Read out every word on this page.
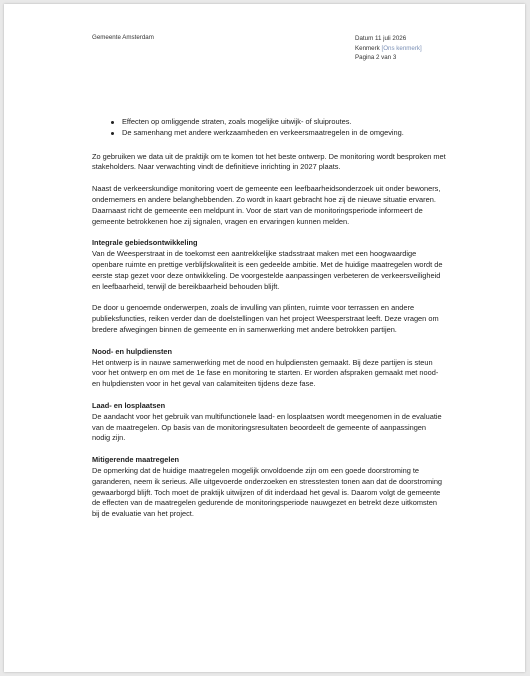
Gemeente Amsterdam	Datum 11 juli 2026
Kenmerk [Ons kenmerk]
Pagina 2 van 3
Effecten op omliggende straten, zoals mogelijke uitwijk- of sluiproutes.
De samenhang met andere werkzaamheden en verkeersmaatregelen in de omgeving.

Zo gebruiken we data uit de praktijk om te komen tot het beste ontwerp. De monitoring wordt besproken met stakeholders. Naar verwachting vindt de definitieve inrichting in 2027 plaats.

Naast de verkeerskundige monitoring voert de gemeente een leefbaarheidsonderzoek uit onder bewoners, ondernemers en andere belanghebbenden. Zo wordt in kaart gebracht hoe zij de nieuwe situatie ervaren. Daarnaast richt de gemeente een meldpunt in. Voor de start van de monitoringsperiode informeert de gemeente betrokkenen hoe zij signalen, vragen en ervaringen kunnen melden.

Integrale gebiedsontwikkeling

Van de Weesperstraat in de toekomst een aantrekkelijke stadsstraat maken met een hoogwaardige openbare ruimte en prettige verblijfskwaliteit is een gedeelde ambitie. Met de huidige maatregelen wordt de eerste stap gezet voor deze ontwikkeling. De voorgestelde aanpassingen verbeteren de verkeersveiligheid en leefbaarheid, terwijl de bereikbaarheid behouden blijft.

De door u genoemde onderwerpen, zoals de invulling van plinten, ruimte voor terrassen en andere publieksfuncties, reiken verder dan de doelstellingen van het project Weesperstraat leeft. Deze vragen om bredere afwegingen binnen de gemeente en in samenwerking met andere betrokken partijen.

Nood- en hulpdiensten

Het ontwerp is in nauwe samenwerking met de nood en hulpdiensten gemaakt. Bij deze partijen is steun voor het ontwerp en om met de 1e fase en monitoring te starten. Er worden afspraken gemaakt met nood- en hulpdiensten voor in het geval van calamiteiten tijdens deze fase.

Laad- en losplaatsen

De aandacht voor het gebruik van multifunctionele laad- en losplaatsen wordt meegenomen in de evaluatie van de maatregelen. Op basis van de monitoringsresultaten beoordeelt de gemeente of aanpassingen nodig zijn.

Mitigerende maatregelen

De opmerking dat de huidige maatregelen mogelijk onvoldoende zijn om een goede doorstroming te garanderen, neem ik serieus. Alle uitgevoerde onderzoeken en stresstesten tonen aan dat de doorstroming gewaarborgd blijft. Toch moet de praktijk uitwijzen of dit inderdaad het geval is. Daarom volgt de gemeente de effecten van de maatregelen gedurende de monitoringsperiode nauwgezet en betrekt deze uitkomsten bij de evaluatie van het project.
